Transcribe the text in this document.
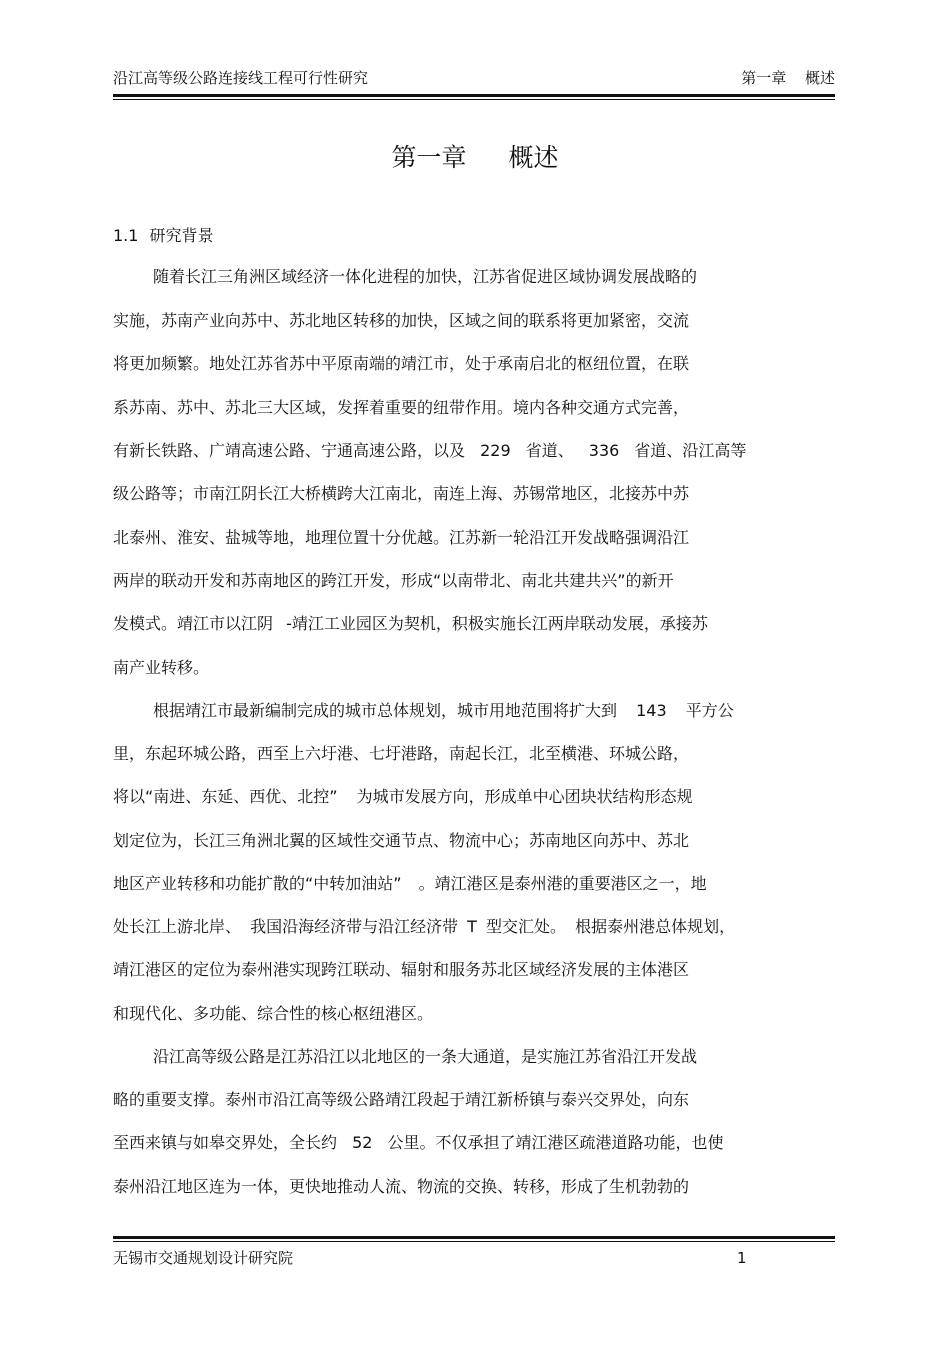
沿江高等级公路连接线工程可行性研究	第一章 概述
第一章 概述
1.1 研究背景
随着长江三角洲区域经济一体化进程的加快，江苏省促进区域协调发展战略的
实施，苏南产业向苏中、苏北地区转移的加快，区域之间的联系将更加紧密，交流
将更加频繁。地处江苏省苏中平原南端的靖江市，处于承南启北的枢纽位置，在联
系苏南、苏中、苏北三大区域，发挥着重要的纽带作用。境内各种交通方式完善，
有新长铁路、广靖高速公路、宁通高速公路，以及 229 省道、 336 省道、沿江高等
级公路等；市南江阴长江大桥横跨大江南北，南连上海、苏锡常地区，北接苏中苏
北泰州、淮安、盐城等地，地理位置十分优越。江苏新一轮沿江开发战略强调沿江
两岸的联动开发和苏南地区的跨江开发，形成“以南带北、南北共建共兴”的新开
发模式。靖江市以江阴 -靖江工业园区为契机，积极实施长江两岸联动发展，承接苏
南产业转移。
根据靖江市最新编制完成的城市总体规划，城市用地范围将扩大到 143 平方公
里，东起环城公路，西至上六圩港、七圩港路，南起长江，北至横港、环城公路，
将以“南进、东延、西优、北控” 为城市发展方向，形成单中心团块状结构形态规
划定位为，长江三角洲北翼的区域性交通节点、物流中心；苏南地区向苏中、苏北
地区产业转移和功能扩散的“中转加油站” 。靖江港区是泰州港的重要港区之一，地
处长江上游北岸、 我国沿海经济带与沿江经济带 T 型交汇处。 根据泰州港总体规划，
靖江港区的定位为泰州港实现跨江联动、辐射和服务苏北区域经济发展的主体港区
和现代化、多功能、综合性的核心枢纽港区。
沿江高等级公路是江苏沿江以北地区的一条大通道，是实施江苏省沿江开发战
略的重要支撑。泰州市沿江高等级公路靖江段起于靖江新桥镇与泰兴交界处，向东
至西来镇与如皋交界处，全长约 52 公里。不仅承担了靖江港区疏港道路功能，也使
泰州沿江地区连为一体，更快地推动人流、物流的交换、转移，形成了生机勃勃的
无锡市交通规划设计研究院	1
